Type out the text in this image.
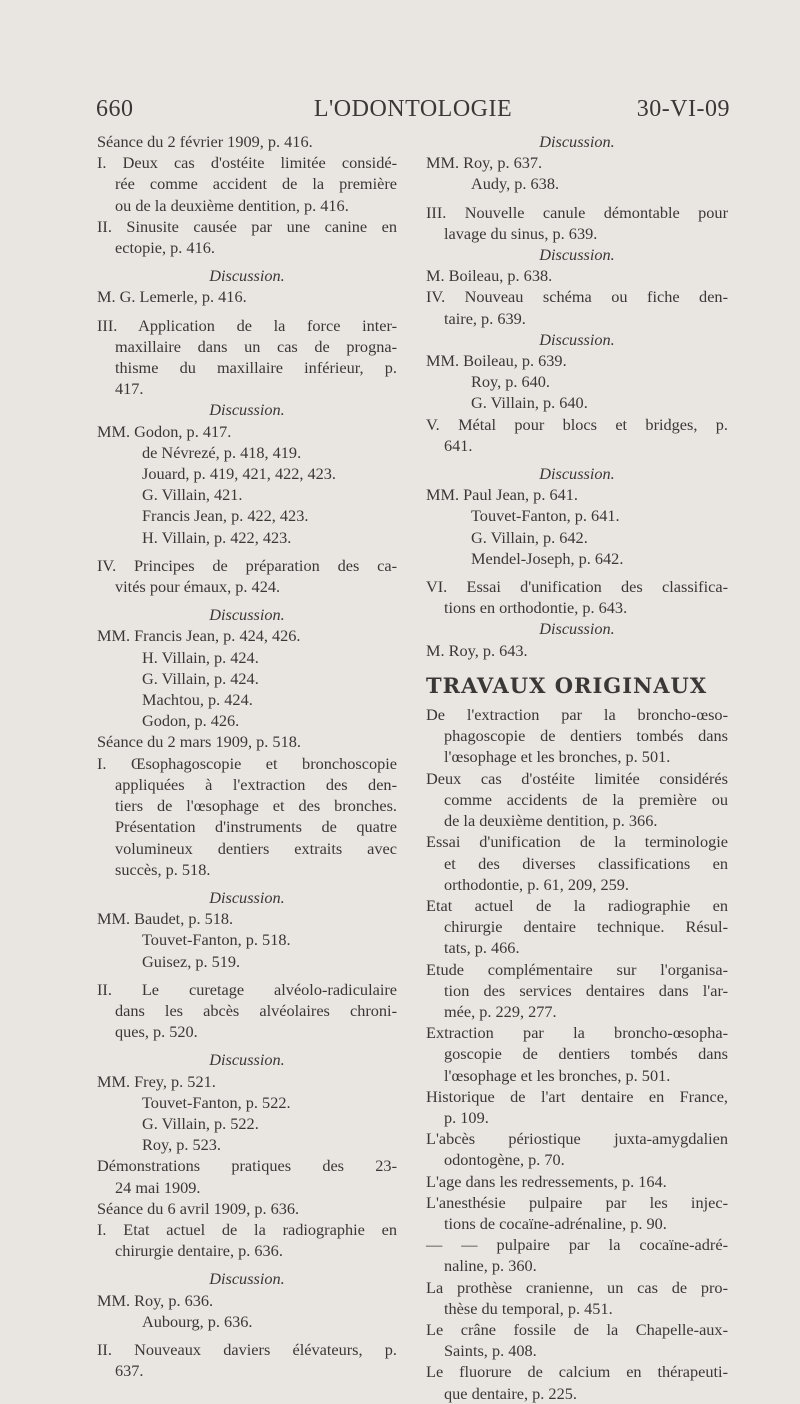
660	L'ODONTOLOGIE	30-VI-09
Séance du 2 février 1909, p. 416.
I. Deux cas d'ostéite limitée considé-
rée comme accident de la première
ou de la deuxième dentition, p. 416.
II. Sinusite causée par une canine en
ectopie, p. 416.
Discussion.
M. G. Lemerle, p. 416.
III. Application de la force inter-
maxillaire dans un cas de progna-
thisme du maxillaire inférieur, p.
417.
Discussion.
MM. Godon, p. 417.
de Névrezé, p. 418, 419.
Jouard, p. 419, 421, 422, 423.
G. Villain, 421.
Francis Jean, p. 422, 423.
H. Villain, p. 422, 423.
IV. Principes de préparation des ca-
vités pour émaux, p. 424.
Discussion.
MM. Francis Jean, p. 424, 426.
H. Villain, p. 424.
G. Villain, p. 424.
Machtou, p. 424.
Godon, p. 426.
Séance du 2 mars 1909, p. 518.
I. Œsophagoscopie et bronchoscopie
appliquées à l'extraction des den-
tiers de l'œsophage et des bronches.
Présentation d'instruments de quatre
volumineux dentiers extraits avec
succès, p. 518.
Discussion.
MM. Baudet, p. 518.
Touvet-Fanton, p. 518.
Guisez, p. 519.
II. Le curetage alvéolo-radiculaire
dans les abcès alvéolaires chroni-
ques, p. 520.
Discussion.
MM. Frey, p. 521.
Touvet-Fanton, p. 522.
G. Villain, p. 522.
Roy, p. 523.
Démonstrations pratiques des 23-
24 mai 1909.
Séance du 6 avril 1909, p. 636.
I. Etat actuel de la radiographie en
chirurgie dentaire, p. 636.
Discussion.
MM. Roy, p. 636.
Aubourg, p. 636.
II. Nouveaux daviers élévateurs, p.
637.
Discussion.
MM. Roy, p. 637.
Audy, p. 638.
III. Nouvelle canule démontable pour
lavage du sinus, p. 639.
Discussion.
M. Boileau, p. 638.
IV. Nouveau schéma ou fiche den-
taire, p. 639.
Discussion.
MM. Boileau, p. 639.
Roy, p. 640.
G. Villain, p. 640.
V. Métal pour blocs et bridges, p.
641.
Discussion.
MM. Paul Jean, p. 641.
Touvet-Fanton, p. 641.
G. Villain, p. 642.
Mendel-Joseph, p. 642.
VI. Essai d'unification des classifica-
tions en orthodontie, p. 643.
Discussion.
M. Roy, p. 643.
TRAVAUX ORIGINAUX
De l'extraction par la broncho-œso-
phagoscopie de dentiers tombés dans
l'œsophage et les bronches, p. 501.
Deux cas d'ostéite limitée considérés
comme accidents de la première ou
de la deuxième dentition, p. 366.
Essai d'unification de la terminologie
et des diverses classifications en
orthodontie, p. 61, 209, 259.
Etat actuel de la radiographie en
chirurgie dentaire technique. Résul-
tats, p. 466.
Etude complémentaire sur l'organisa-
tion des services dentaires dans l'ar-
mée, p. 229, 277.
Extraction par la broncho-œsopha-
goscopie de dentiers tombés dans
l'œsophage et les bronches, p. 501.
Historique de l'art dentaire en France,
p. 109.
L'abcès périostique juxta-amygdalien
odontogène, p. 70.
L'age dans les redressements, p. 164.
L'anesthésie pulpaire par les injec-
tions de cocaïne-adrénaline, p. 90.
— — pulpaire par la cocaïne-adré-
naline, p. 360.
La prothèse cranienne, un cas de pro-
thèse du temporal, p. 451.
Le crâne fossile de la Chapelle-aux-
Saints, p. 408.
Le fluorure de calcium en thérapeuti-
que dentaire, p. 225.
